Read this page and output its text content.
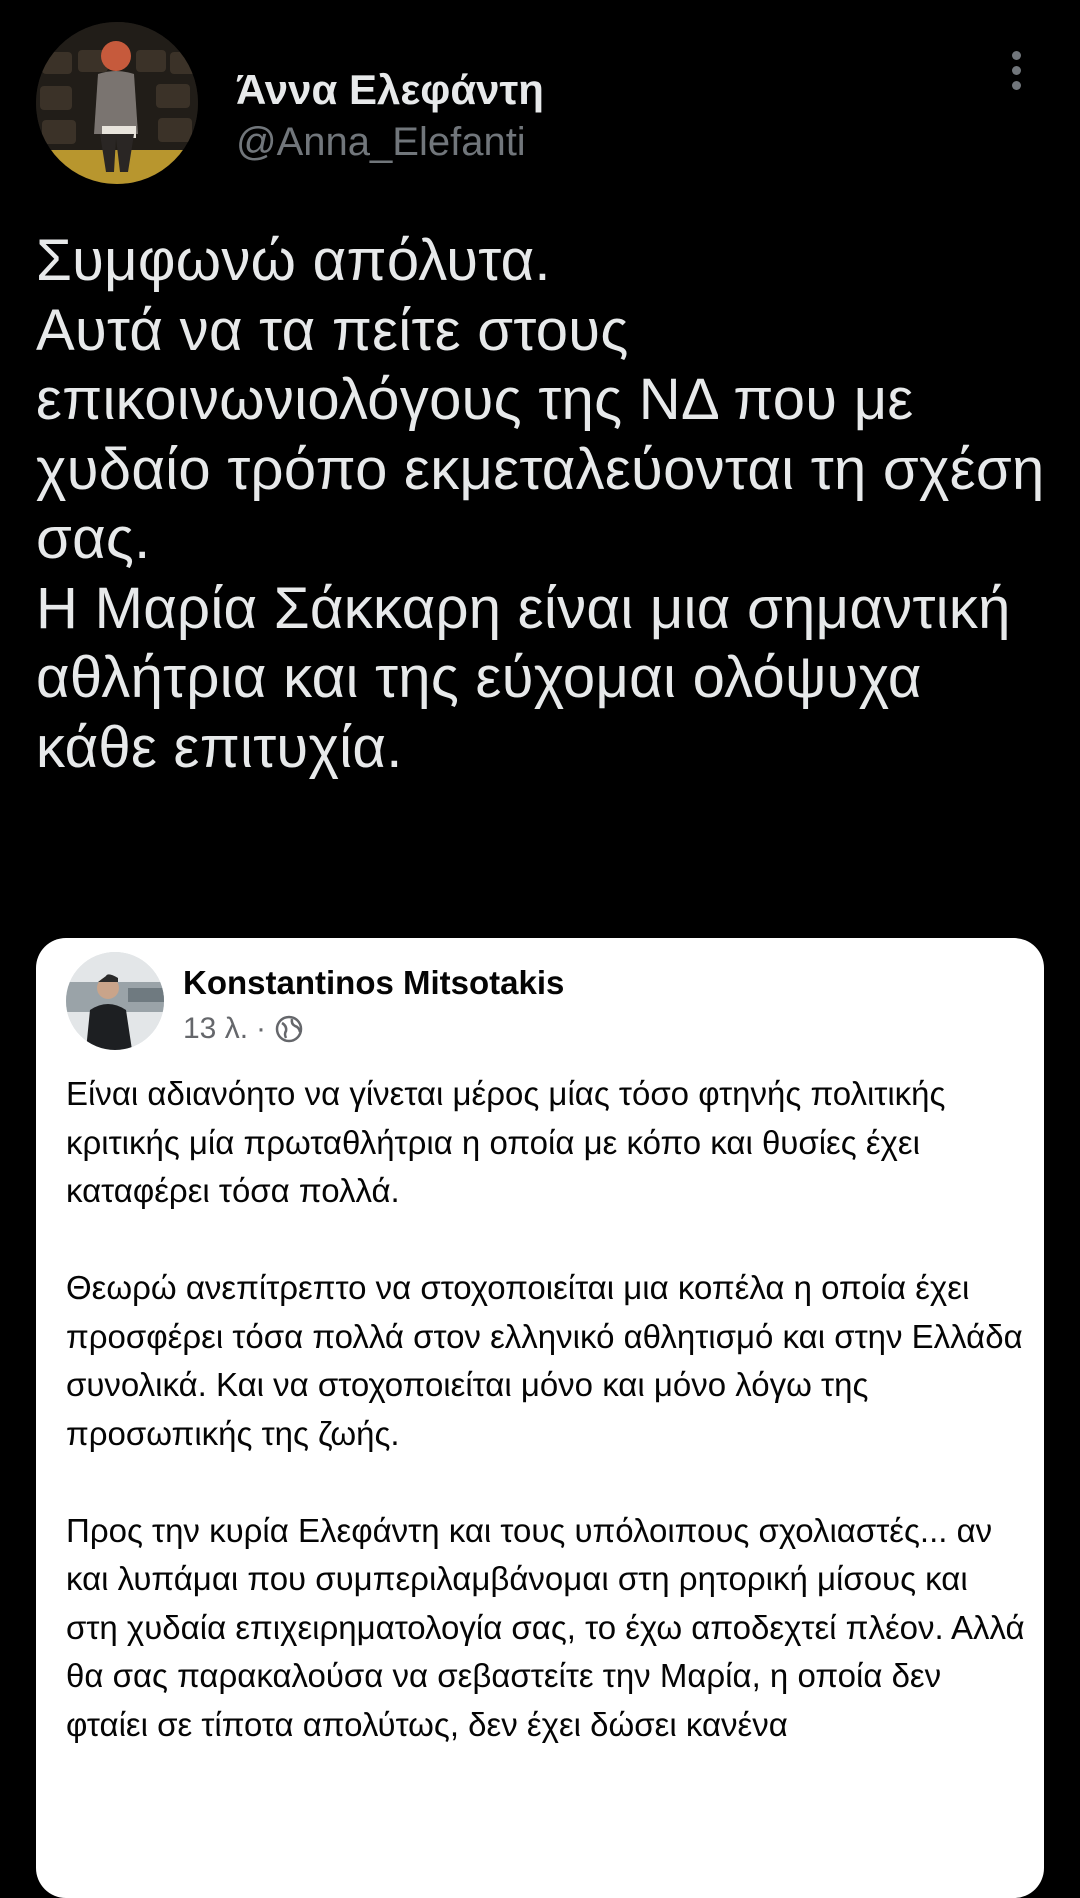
Άννα Ελεφάντη
@Anna_Elefanti
Συμφωνώ απόλυτα.
Αυτά να τα πείτε στους επικοινωνιολόγους της ΝΔ που με χυδαίο τρόπο εκμεταλεύονται τη σχέση σας.
Η Μαρία Σάκκαρη είναι μια σημαντική αθλήτρια και της εύχομαι ολόψυχα κάθε επιτυχία.
Konstantinos Mitsotakis
13 λ. ·

Είναι αδιανόητο να γίνεται μέρος μίας τόσο φτηνής πολιτικής κριτικής μία πρωταθλήτρια η οποία με κόπο και θυσίες έχει καταφέρει τόσα πολλά.

Θεωρώ ανεπίτρεπτο να στοχοποιείται μια κοπέλα η οποία έχει προσφέρει τόσα πολλά στον ελληνικό αθλητισμό και στην Ελλάδα συνολικά. Και να στοχοποιείται μόνο και μόνο λόγω της προσωπικής της ζωής.

Προς την κυρία Ελεφάντη και τους υπόλοιπους σχολιαστές... αν και λυπάμαι που συμπεριλαμβάνομαι στη ρητορική μίσους και στη χυδαία επιχειρηματολογία σας, το έχω αποδεχτεί πλέον. Αλλά θα σας παρακαλούσα να σεβαστείτε την Μαρία, η οποία δεν φταίει σε τίποτα απολύτως, δεν έχει δώσει κανένα
